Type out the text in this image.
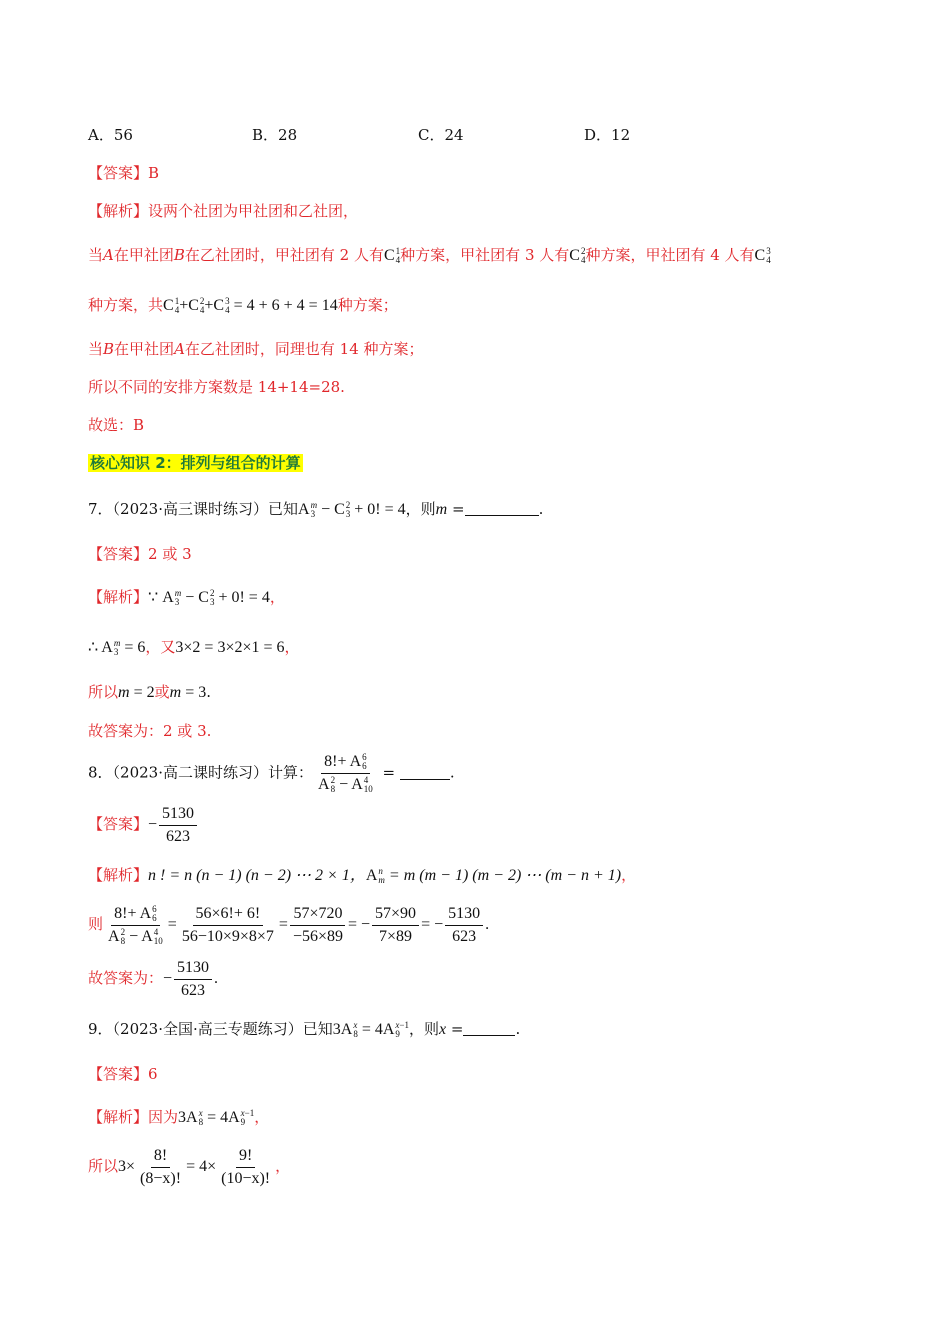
A．56	B．28	C．24	D．12
【答案】B
【解析】设两个社团为甲社团和乙社团，
当A在甲社团B在乙社团时，甲社团有 2 人有C 1
4 种方案，甲社团有 3 人有C 2
4 种方案，甲社团有 4 人有C 3
4
种方案，共C 1
4 +C 2
4 +C 3
4 = 4 + 6 + 4 = 14种方案；
当B在甲社团A在乙社团时，同理也有 14 种方案；
所以不同的安排方案数是 14+14=28.
故选：B
核心知识 2：排列与组合的计算
7．（2023·高三课时练习）已知A m
3 − C 2
3 + 0! = 4，则m =	.
【答案】2 或 3
【解析】∵ A m
3 − C 2
3 + 0! = 4，
∴ A m
3 = 6，又3×2 = 3×2×1 = 6，
所以m = 2或m = 3.
故答案为：2 或 3.
8．（2023·高二课时练习）计算： 8!+ A 6
6
A 2
8 − A 4
10 =	.
【答案】− $\frac{5130}{623}$
【解析】n ! = n (n − 1) (n − 2) ⋯ 2 × 1，A n
m = m (m − 1) (m − 2) ⋯ (m − n + 1)，
则 8!+ A 6
6
A 2
8 − A 4
$10 = \frac{56\times 6!+ 6!}{56-10\times 9\times 8\times 7} = \frac{57\times 720}{-56\times 89}$ = − $\frac{57\times 90}{7\times 89}$ = − $\frac{5130}{623}$ .
故答案为：− $\frac{5130}{623}$ .
9．（2023·全国·高三专题练习）已知3A x
8 = 4A x−1
9 ，则x =	.
【答案】6
【解析】因为3A x
8 = 4A x−1
9 ，
所以$3\times \frac{8!}{(8-x)!} = 4\times \frac{9!}{(10-x)!}$ ，
